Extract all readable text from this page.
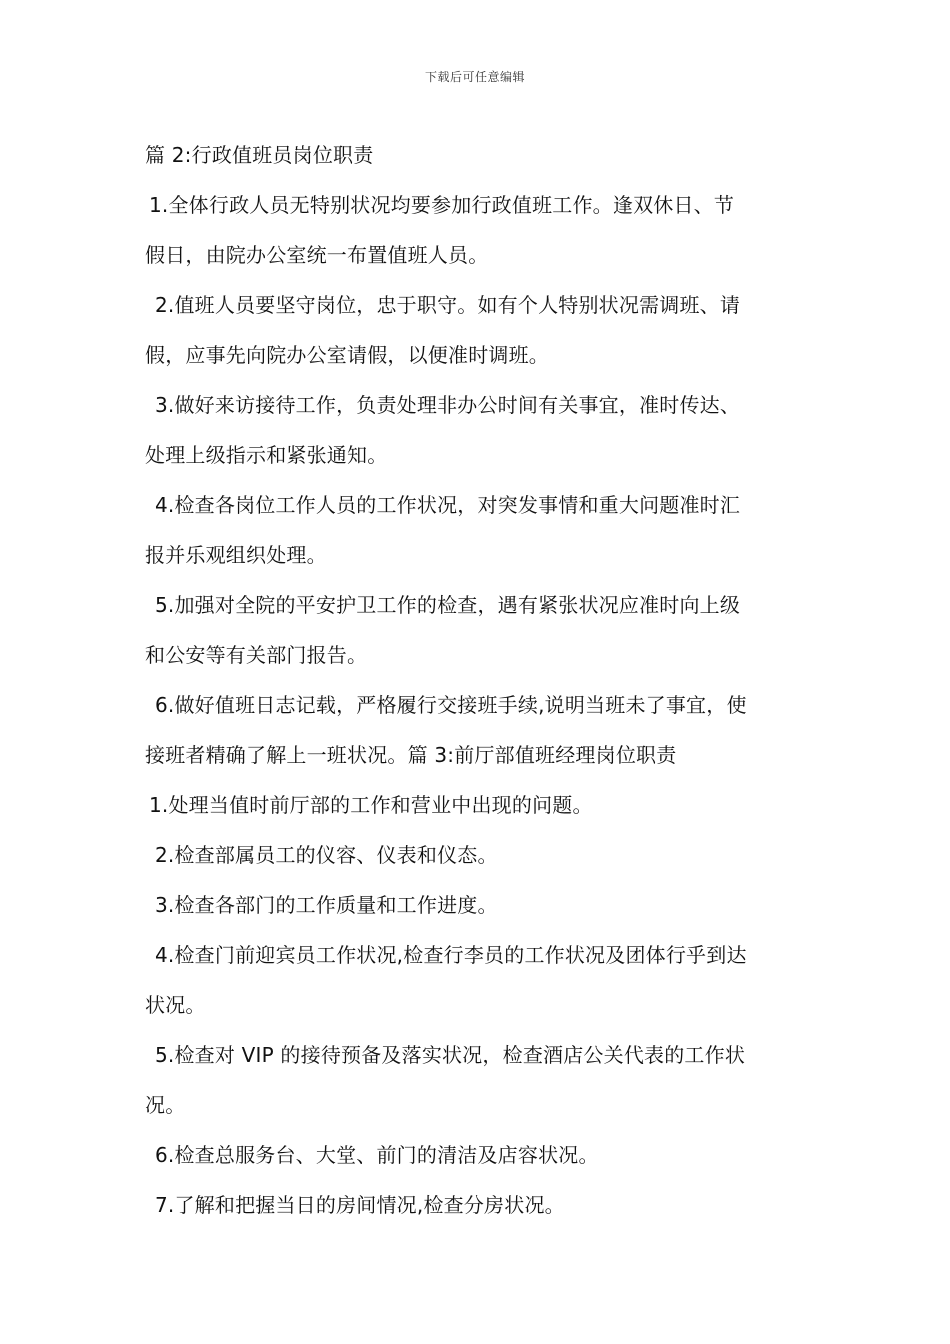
下载后可任意编辑
篇 2:行政值班员岗位职责
1.全体行政人员无特别状况均要参加行政值班工作。逢双休日、节
假日，由院办公室统一布置值班人员。
2.值班人员要坚守岗位，忠于职守。如有个人特别状况需调班、请
假，应事先向院办公室请假，以便准时调班。
3.做好来访接待工作，负责处理非办公时间有关事宜，准时传达、
处理上级指示和紧张通知。
4.检查各岗位工作人员的工作状况，对突发事情和重大问题准时汇
报并乐观组织处理。
5.加强对全院的平安护卫工作的检查，遇有紧张状况应准时向上级
和公安等有关部门报告。
6.做好值班日志记载，严格履行交接班手续,说明当班未了事宜，使
接班者精确了解上一班状况。篇 3:前厅部值班经理岗位职责
1.处理当值时前厅部的工作和营业中出现的问题。
2.检查部属员工的仪容、仪表和仪态。
3.检查各部门的工作质量和工作进度。
4.检查门前迎宾员工作状况,检查行李员的工作状况及团体行乎到达
状况。
5.检查对 VIP 的接待预备及落实状况，检查酒店公关代表的工作状
况。
6.检查总服务台、大堂、前门的清洁及店容状况。
7.了解和把握当日的房间情况,检查分房状况。
